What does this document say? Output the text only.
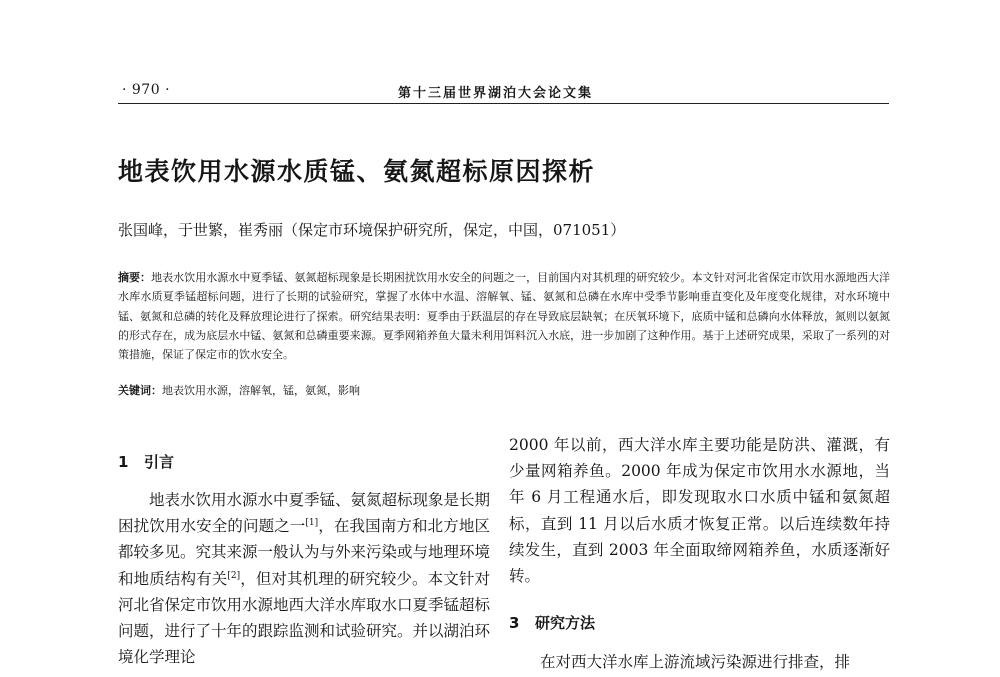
· 970 ·	第十三届世界湖泊大会论文集
地表饮用水源水质锰、氨氮超标原因探析
张国峰，于世繁，崔秀丽（保定市环境保护研究所，保定，中国，071051）
摘要：地表水饮用水源水中夏季锰、氨氮超标现象是长期困扰饮用水安全的问题之一，目前国内对其机理的研究较少。本文针对河北省保定市饮用水源地西大洋水库水质夏季锰超标问题，进行了长期的试验研究，掌握了水体中水温、溶解氧、锰、氨氮和总磷在水库中受季节影响垂直变化及年度变化规律，对水环境中锰、氨氮和总磷的转化及释放理论进行了探索。研究结果表明：夏季由于跃温层的存在导致底层缺氧；在厌氧环境下，底质中锰和总磷向水体释放，氮则以氨氮的形式存在，成为底层水中锰、氨氮和总磷重要来源。夏季网箱养鱼大量未利用饵料沉入水底，进一步加剧了这种作用。基于上述研究成果，采取了一系列的对策措施，保证了保定市的饮水安全。
关键词：地表饮用水源，溶解氧，锰，氨氮，影响
1 引言

地表水饮用水源水中夏季锰、氨氮超标现象是长期困扰饮用水安全的问题之一[1]，在我国南方和北方地区都较多见。究其来源一般认为与外来污染或与地理环境和地质结构有关[2]，但对其机理的研究较少。本文针对河北省保定市饮用水源地西大洋水库取水口夏季锰超标问题，进行了十年的跟踪监测和试验研究。并以湖泊环境化学理论

2000 年以前，西大洋水库主要功能是防洪、灌溉，有少量网箱养鱼。2000 年成为保定市饮用水水源地，当年 6 月工程通水后，即发现取水口水质中锰和氨氮超标，直到 11 月以后水质才恢复正常。以后连续数年持续发生，直到 2003 年全面取缔网箱养鱼，水质逐渐好转。

3 研究方法

在对西大洋水库上游流域污染源进行排查，排
